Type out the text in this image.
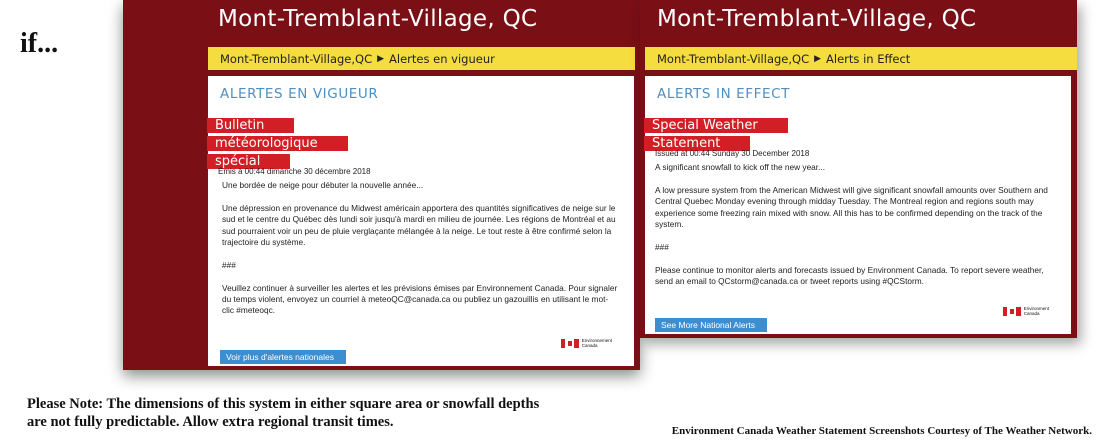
if...
Mont-Tremblant-Village, QC
Mont-Tremblant-Village,QC ▶ Alertes en vigueur
ALERTES EN VIGUEUR
Bulletin météorologique
spécial
Émis à 00:44 dimanche 30 décembre 2018

Une bordée de neige pour débuter la nouvelle année...

Une dépression en provenance du Midwest américain apportera des quantités significatives de neige sur le sud et le centre du Québec dès lundi soir jusqu'à mardi en milieu de journée. Les régions de Montréal et au sud pourraient voir un peu de pluie verglaçante mélangée à la neige. Le tout reste à être confirmé selon la trajectoire du système.

###

Veuillez continuer à surveiller les alertes et les prévisions émises par Environnement Canada. Pour signaler du temps violent, envoyez un courriel à meteoQC@canada.ca ou publiez un gazouillis en utilisant le mot-clic #meteoqc.

Environnement
Canada
Voir plus d'alertes nationales
Mont-Tremblant-Village, QC
Mont-Tremblant-Village,QC ▶ Alerts in Effect
ALERTS IN EFFECT
Special Weather Statement
Issued at 00:44 Sunday 30 December 2018

A significant snowfall to kick off the new year...

A low pressure system from the American Midwest will give significant snowfall amounts over Southern and Central Quebec Monday evening through midday Tuesday. The Montreal region and regions south may experience some freezing rain mixed with snow. All this has to be confirmed depending on the track of the system.

###

Please continue to monitor alerts and forecasts issued by Environment Canada. To report severe weather, send an email to QCstorm@canada.ca or tweet reports using #QCStorm.

Environment
Canada
See More National Alerts
Please Note: The dimensions of this system in either square area or snowfall depths
are not fully predictable. Allow extra regional transit times.
Environment Canada Weather Statement Screenshots Courtesy of The Weather Network.
